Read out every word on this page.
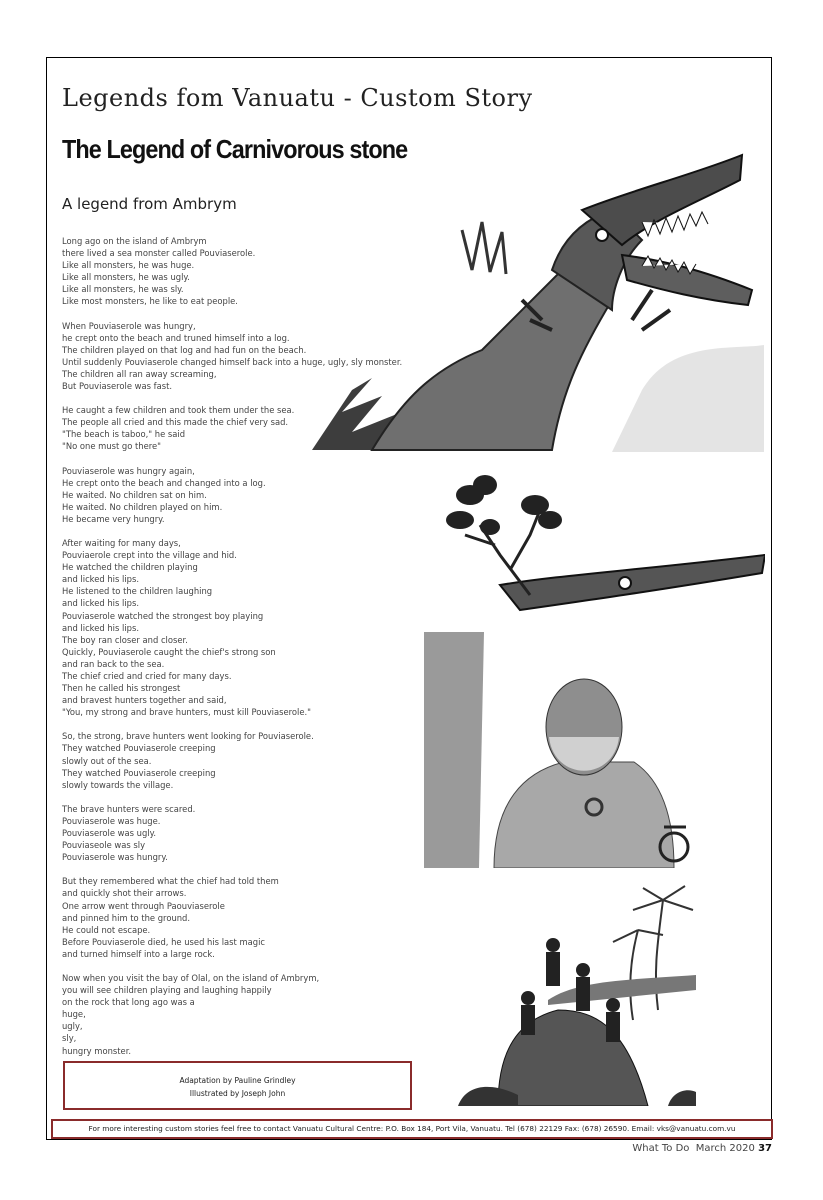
Legends fom Vanuatu - Custom Story
The Legend of Carnivorous stone
A legend from Ambrym
Long ago on the island of Ambrym
there lived a sea monster called Pouviaserole.
Like all monsters, he was huge.
Like all monsters, he was ugly.
Like all monsters, he was sly.
Like most monsters, he like to eat people.
When Pouviaserole was hungry,
he crept onto the beach and truned himself into a log.
The children played on that log and had fun on the beach.
Until suddenly Pouviaserole changed himself back into a huge, ugly, sly monster.
The children all ran away screaming,
But Pouviaserole was fast.
He caught a few children and took them under the sea.
The people all cried and this made the chief very sad.
"The beach is taboo," he said
"No one must go there"
Pouviaserole was hungry again,
He crept onto the beach and changed into a log.
He waited. No children sat on him.
He waited. No children played on him.
He became very hungry.
After waiting for many days,
Pouviaerole crept into the village and hid.
He watched the children playing
and licked his lips.
He listened to the children laughing
and licked his lips.
Pouviaserole watched the strongest boy playing
and licked his lips.
The boy ran closer and closer.
Quickly, Pouviaserole caught the chief's strong son
and ran back to the sea.
The chief cried and cried for many days.
Then he called his strongest
and bravest hunters together and said,
"You, my strong and brave hunters, must kill Pouviaserole."
So, the strong, brave hunters went looking for Pouviaserole.
They watched Pouviaserole creeping
slowly out of the sea.
They watched Pouviaserole creeping
slowly towards the village.
The brave hunters were scared.
Pouviaserole was huge.
Pouviaserole was ugly.
Pouviaseole was sly
Pouviaserole was hungry.
But they remembered what the chief had told them
and quickly shot their arrows.
One arrow went through Paouviaserole
and pinned him to the ground.
He could not escape.
Before Pouviaserole died, he used his last magic
and turned himself into a large rock.
Now when you visit the bay of Olal, on the island of Ambrym,
you will see children playing and laughing happily
on the rock that long ago was a
huge,
ugly,
sly,
hungry monster.
Adaptation by Pauline Grindley
Illustrated by Joseph John
For more interesting custom stories feel free to contact Vanuatu Cultural Centre: P.O. Box 184, Port Vila, Vanuatu. Tel (678) 22129 Fax: (678) 26590. Email: vks@vanuatu.com.vu
What To Do March 2020 37
